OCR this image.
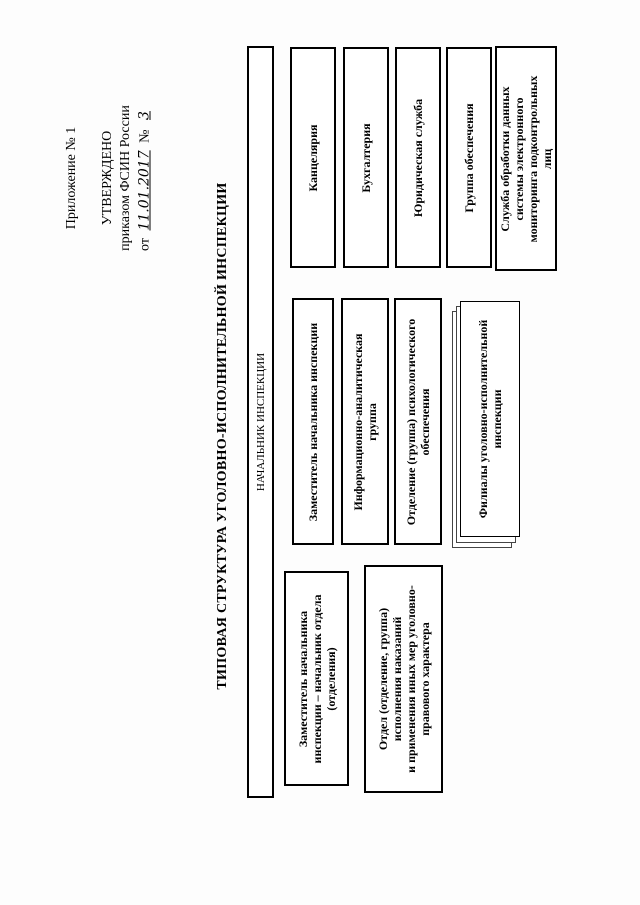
Приложение № 1 УТВЕРЖДЕНО приказом ФСИН России от 11.01.2017 № 3
ТИПОВАЯ СТРУКТУРА УГОЛОВНО-ИСПОЛНИТЕЛЬНОЙ ИНСПЕКЦИИ НАЧАЛЬНИК ИНСПЕКЦИИ
Заместитель начальника
инспекции – начальник отдела
(отделения)
Отдел (отделение, группа)
исполнения наказаний
и применения иных мер уголовно-
правового характера
Заместитель начальника инспекции	Информационно-аналитическая
группа
Отделение (группа) психологического
обеспечения
Филиалы уголовно-исполнительной
инспекции
Канцелярия	Бухгалтерия	Юридическая служба	Группа обеспечения Служба обработки данных
системы электронного
мониторинга подконтрольных
лиц
